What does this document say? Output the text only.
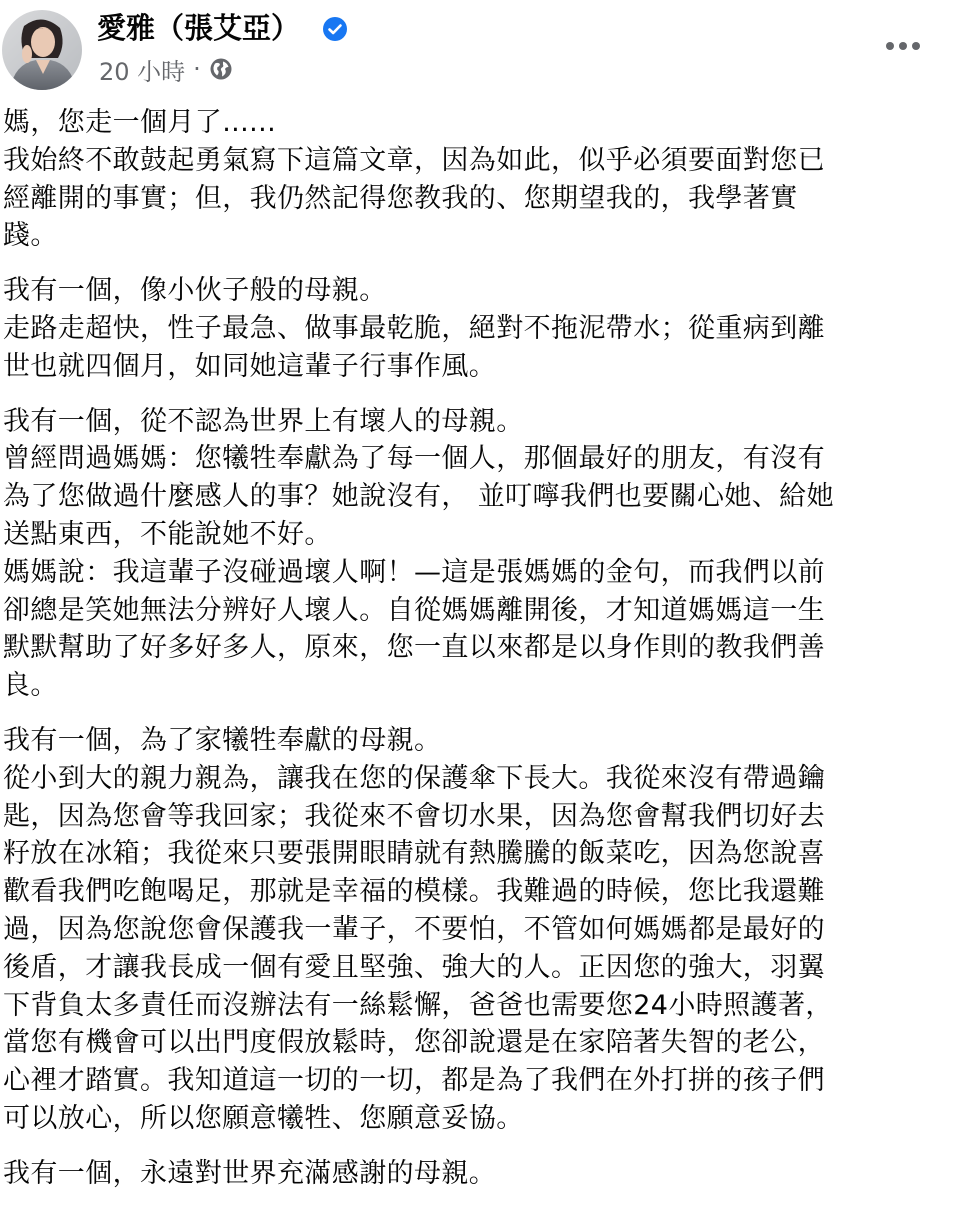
愛雅（張艾亞）
20 小時 ·

媽，您走一個月了......
我始終不敢鼓起勇氣寫下這篇文章，因為如此，似乎必須要面對您已
經離開的事實；但，我仍然記得您教我的、您期望我的，我學著實
踐。

我有一個，像小伙子般的母親。
走路走超快，性子最急、做事最乾脆，絕對不拖泥帶水；從重病到離
世也就四個月，如同她這輩子行事作風。

我有一個，從不認為世界上有壞人的母親。
曾經問過媽媽：您犧牲奉獻為了每一個人，那個最好的朋友，有沒有
為了您做過什麼感人的事？她說沒有， 並叮嚀我們也要關心她、給她
送點東西，不能說她不好。
媽媽說：我這輩子沒碰過壞人啊！—這是張媽媽的金句，而我們以前
卻總是笑她無法分辨好人壞人。自從媽媽離開後，才知道媽媽這一生
默默幫助了好多好多人，原來，您一直以來都是以身作則的教我們善
良。

我有一個，為了家犧牲奉獻的母親。
從小到大的親力親為，讓我在您的保護傘下長大。我從來沒有帶過鑰
匙，因為您會等我回家；我從來不會切水果，因為您會幫我們切好去
籽放在冰箱；我從來只要張開眼睛就有熱騰騰的飯菜吃，因為您說喜
歡看我們吃飽喝足，那就是幸福的模樣。我難過的時候，您比我還難
過，因為您說您會保護我一輩子，不要怕，不管如何媽媽都是最好的
後盾，才讓我長成一個有愛且堅強、強大的人。正因您的強大，羽翼
下背負太多責任而沒辦法有一絲鬆懈，爸爸也需要您24小時照護著，
當您有機會可以出門度假放鬆時，您卻說還是在家陪著失智的老公，
心裡才踏實。我知道這一切的一切，都是為了我們在外打拼的孩子們
可以放心，所以您願意犧牲、您願意妥協。

我有一個，永遠對世界充滿感謝的母親。
